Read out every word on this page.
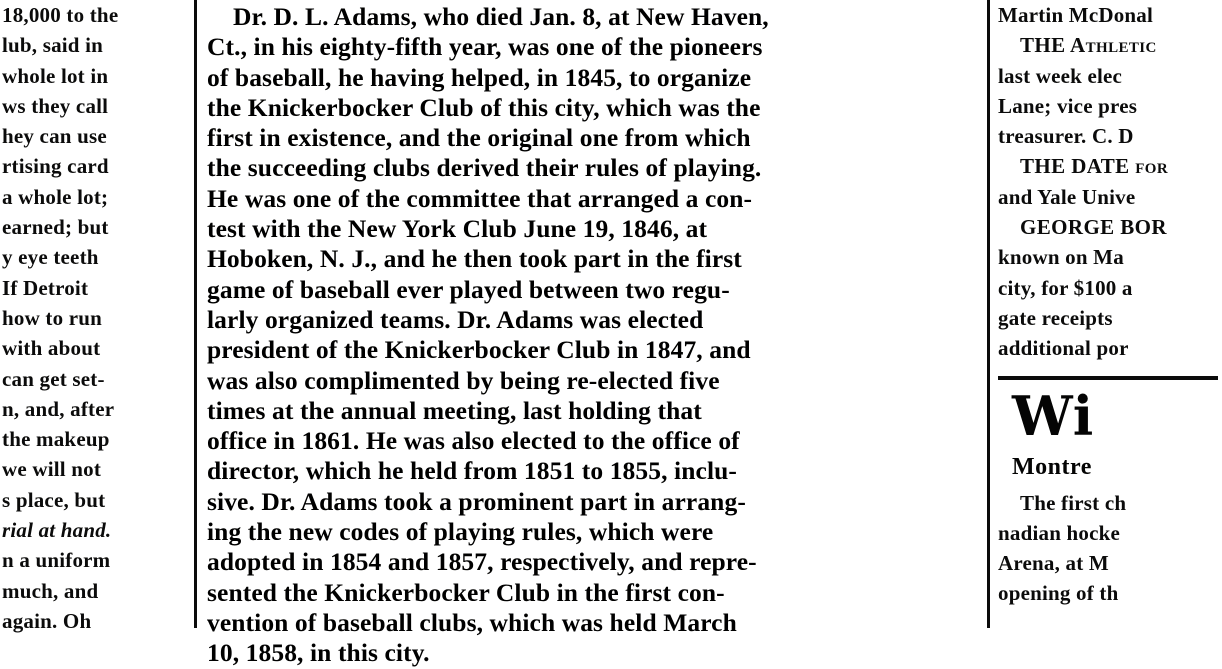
18,000 to the
lub, said in
whole lot in
ws they call
hey can use
rtising card
a whole lot;
earned; but
y eye teeth
If Detroit
how to run
with about
can get set-
n, and, after
the makeup
we will not
s place, but
rial at hand.
n a uniform
much, and
again. Oh
Dr. D. L. Adams, who died Jan. 8, at New Haven,
Ct., in his eighty-fifth year, was one of the pioneers
of baseball, he having helped, in 1845, to organize
the Knickerbocker Club of this city, which was the
first in existence, and the original one from which
the succeeding clubs derived their rules of playing.
He was one of the committee that arranged a con-
test with the New York Club June 19, 1846, at
Hoboken, N. J., and he then took part in the first
game of baseball ever played between two regu-
larly organized teams. Dr. Adams was elected
president of the Knickerbocker Club in 1847, and
was also complimented by being re-elected five
times at the annual meeting, last holding that
office in 1861. He was also elected to the office of
director, which he held from 1851 to 1855, inclu-
sive. Dr. Adams took a prominent part in arrang-
ing the new codes of playing rules, which were
adopted in 1854 and 1857, respectively, and repre-
sented the Knickerbocker Club in the first con-
vention of baseball clubs, which was held March
10, 1858, in this city.
Martin McDonal
THE Athletic
last week elec
Lane; vice pres
treasurer. C. D
THE DATE for
and Yale Unive
GEORGE BOR
known on Ma
city, for $100 a
gate receipts
additional por
Wi
Montre
The first ch
nadian hocke
Arena, at M
opening of th
